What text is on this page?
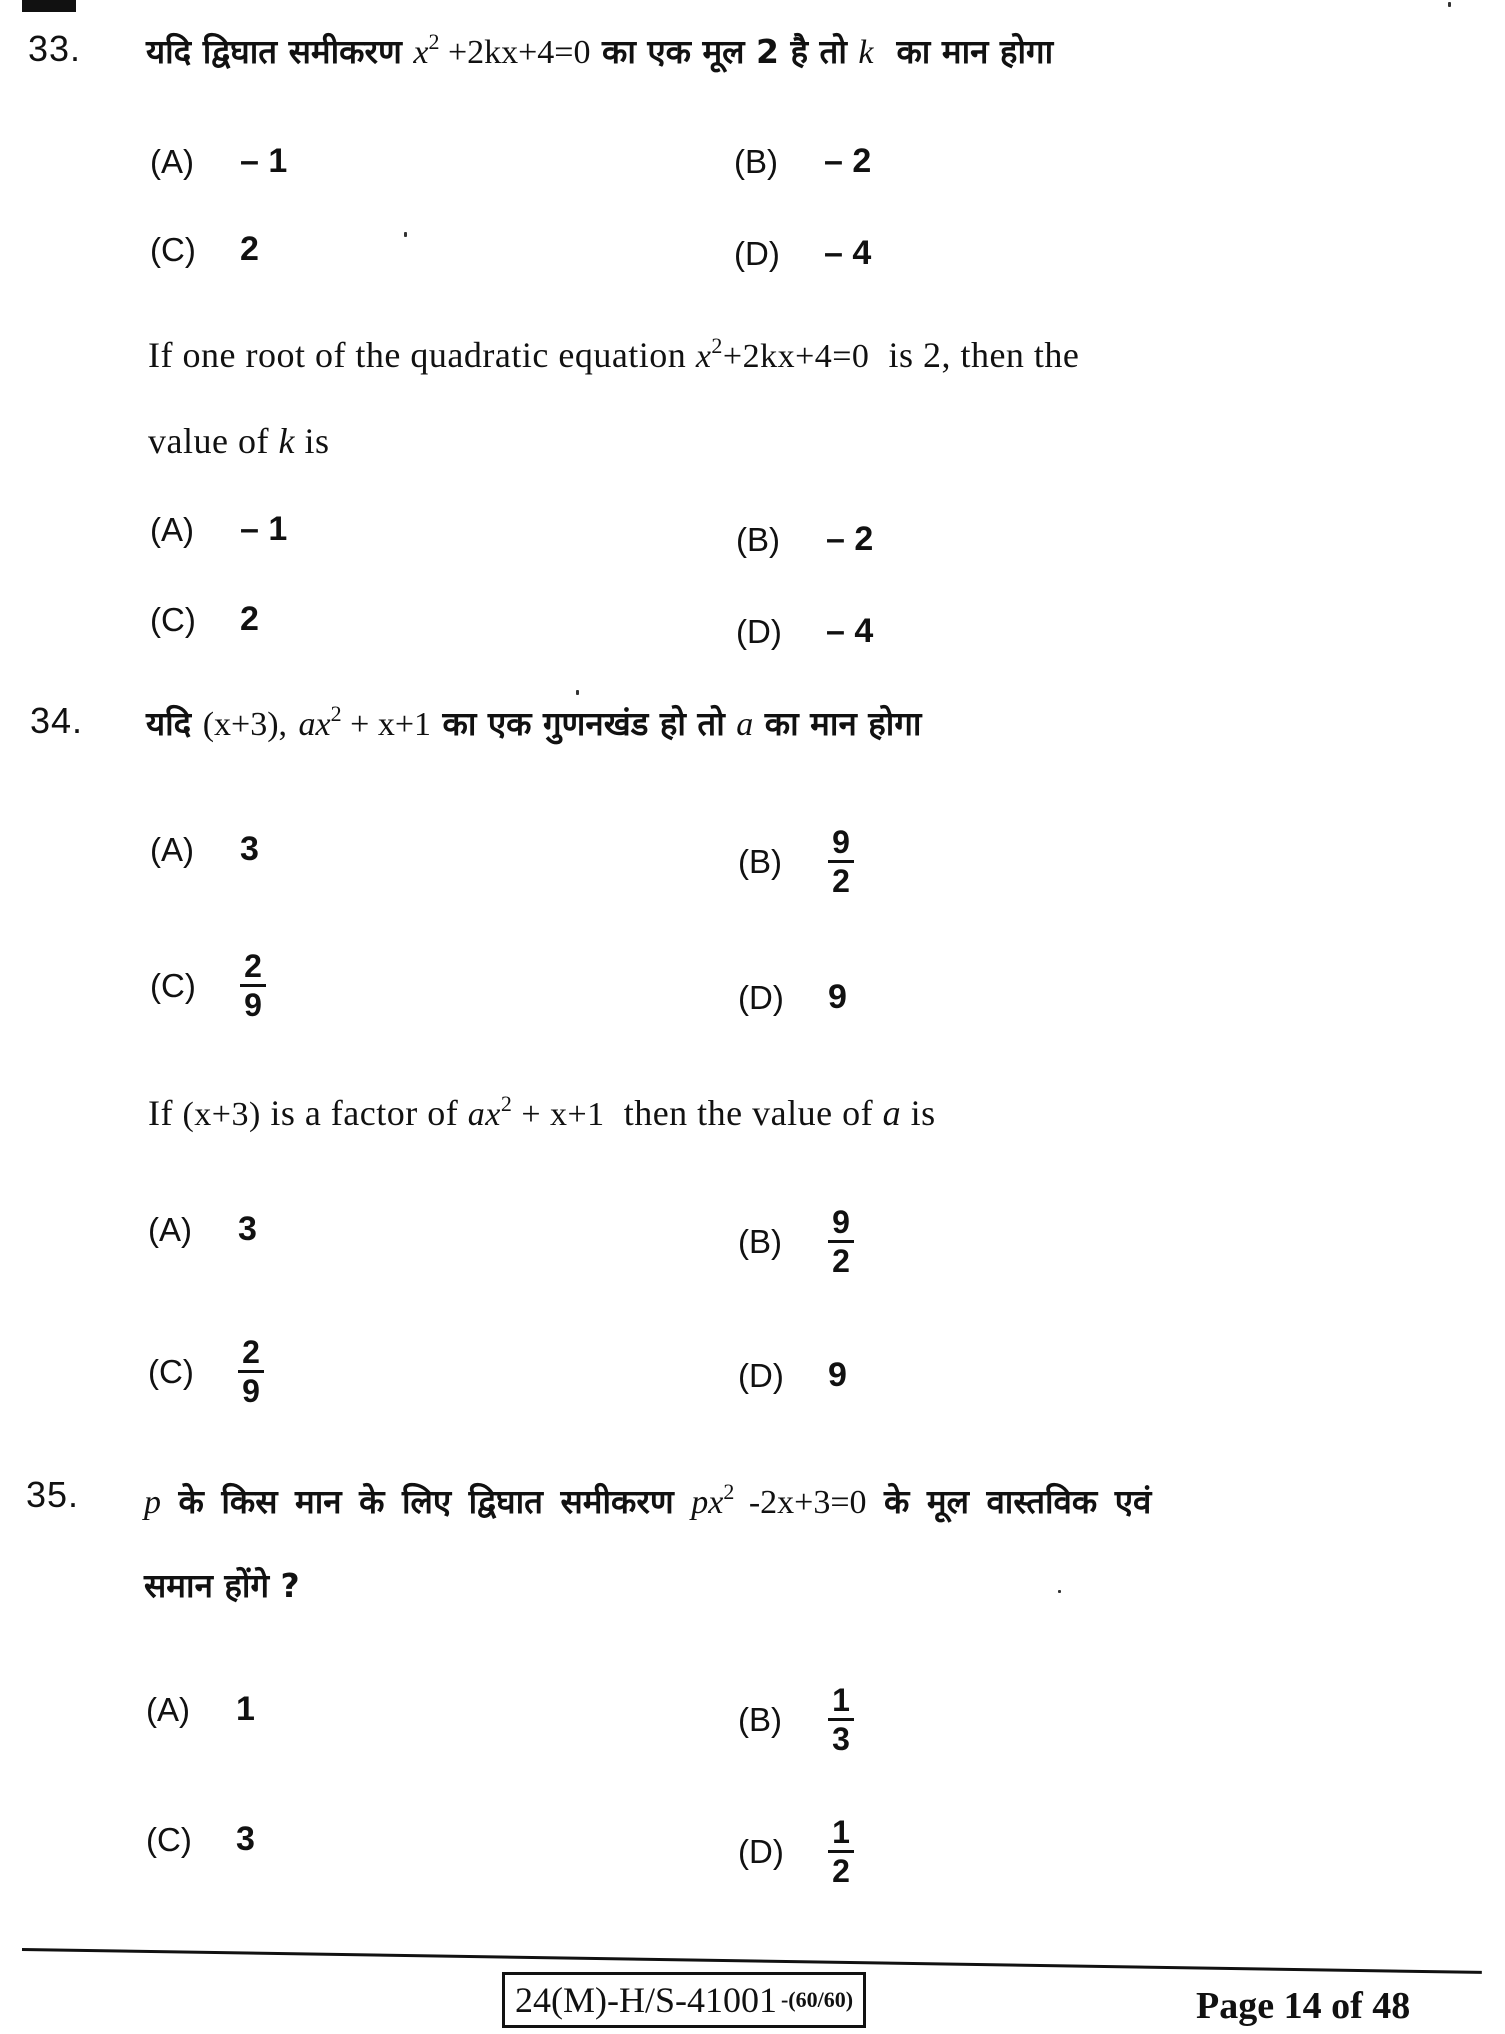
33. यदि द्विघात समीकरण $x^2 +2kx+4=0$ का एक मूल 2 है तो k का मान होगा
(A)	– 1	(B)	– 2
(C)	2	(D)	– 4
If one root of the quadratic equation $x^2+2kx+4=0$ is 2, then the
value of k is
(A)	– 1	(B)	– 2
(C)	2	(D)	– 4
34. यदि (x+3), $ax^2 + x+1$ का एक गुणनखंड हो तो a का मान होगा
(A)	3	(B)	$\frac{9}{2}$
(C)	$\frac{2}{9}$	(D)	9
If (x+3) is a factor of $ax^2 + x+1$ then the value of a is
(A)	3	(B)	$\frac{9}{2}$
(C)	$\frac{2}{9}$	(D)	9
35. p के किस मान के लिए द्विघात समीकरण $px^2$ -2x+3=0 के मूल वास्तविक एवं
समान होंगे ?
(A)	1	(B)	$\frac{1}{3}$
(C)	3	(D)	$\frac{1}{2}$
24(M)-H/S-41001 -(60/60)	Page 14 of 48
